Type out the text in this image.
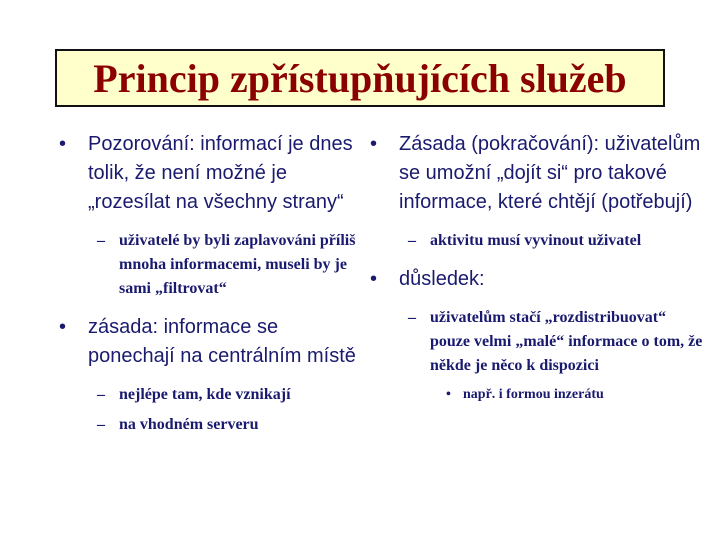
Princip zpřístupňujících služeb
• Pozorování: informací je dnes tolik, že není možné je „rozesílat na všechny strany“
– uživatelé by byli zaplavováni příliš mnoha informacemi, museli by je sami „filtrovat“
• zásada: informace se ponechají na centrálním místě
– nejlépe tam, kde vznikají
– na vhodném serveru
• Zásada (pokračování): uživatelům se umožní „dojít si“ pro takové informace, které chtějí (potřebují)
– aktivitu musí vyvinout uživatel
• důsledek:
– uživatelům stačí „rozdistribuovat“ pouze velmi „malé“ informace o tom, že někde je něco k dispozici
• např. i formou inzerátu
